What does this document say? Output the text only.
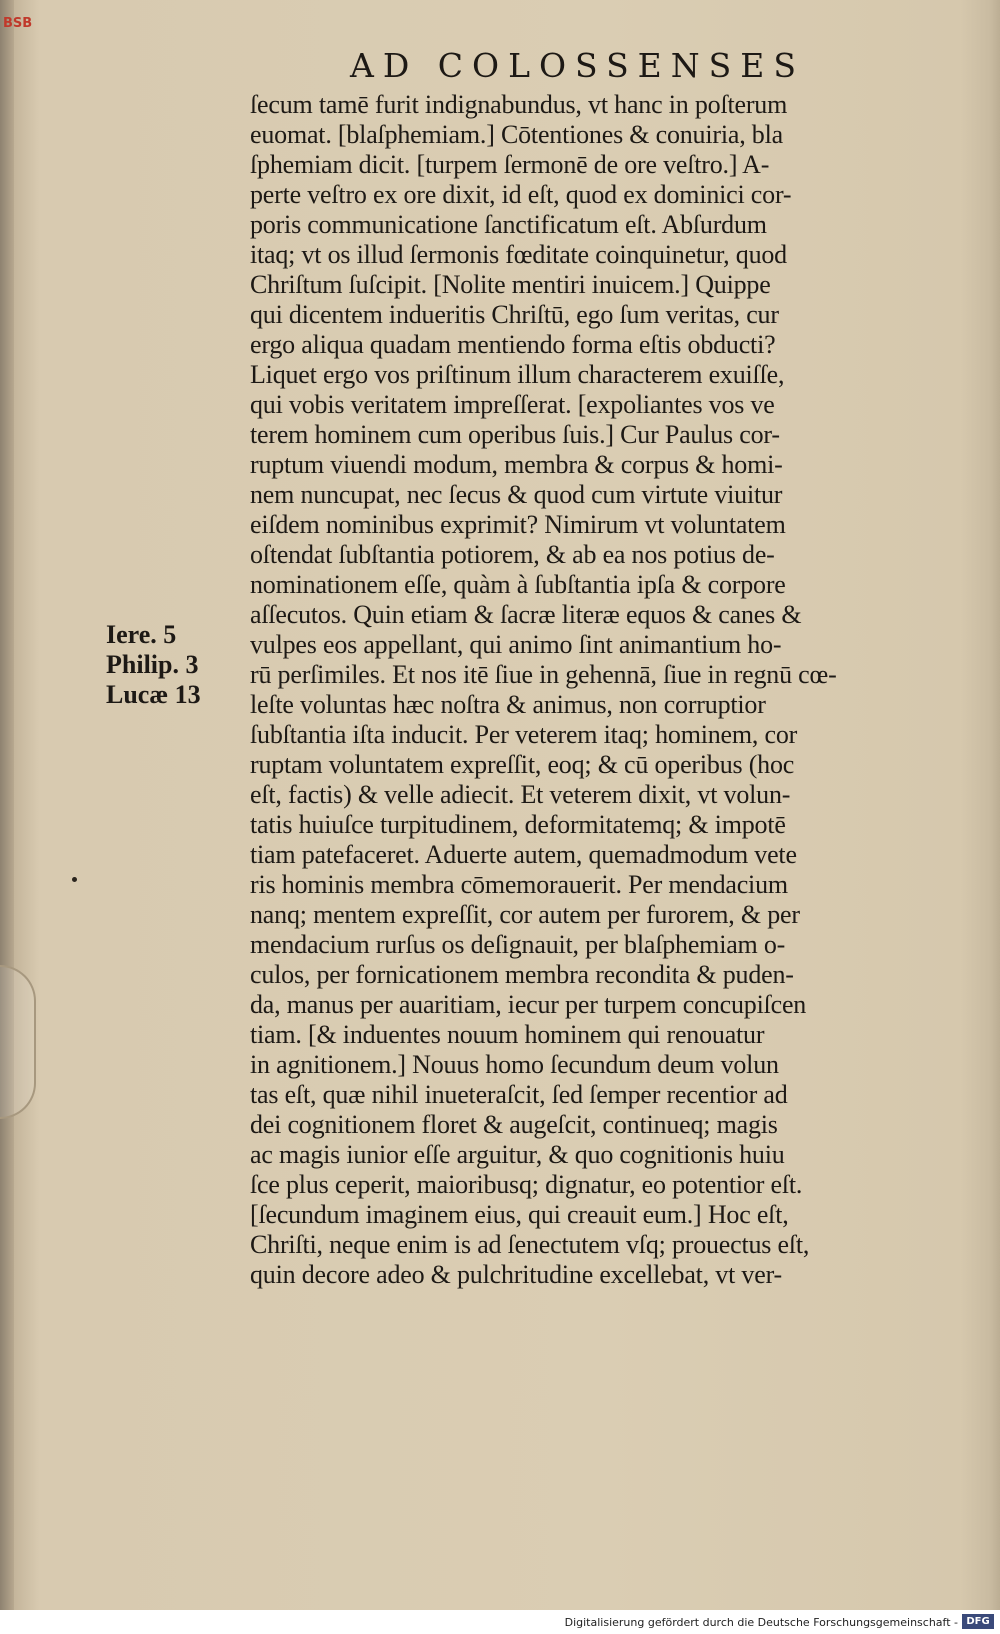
BSB
AD COLOSSENSES
Iere. 5
Philip. 3
Lucæ 13
ſecum tamē furit indignabundus, vt hanc in poſterum
euomat. [blaſphemiam.] Cōtentiones & conuiria, bla
ſphemiam dicit. [turpem ſermonē de ore veſtro.] A-
perte veſtro ex ore dixit, id eſt, quod ex dominici cor-
poris communicatione ſanctificatum eſt. Abſurdum
itaq; vt os illud ſermonis fœditate coinquinetur, quod
Chriſtum ſuſcipit. [Nolite mentiri inuicem.] Quippe
qui dicentem indueritis Chriſtū, ego ſum veritas, cur
ergo aliqua quadam mentiendo forma eſtis obducti?
Liquet ergo vos priſtinum illum characterem exuiſſe,
qui vobis veritatem impreſſerat. [expoliantes vos ve
terem hominem cum operibus ſuis.] Cur Paulus cor-
ruptum viuendi modum, membra & corpus & homi-
nem nuncupat, nec ſecus & quod cum virtute viuitur
eiſdem nominibus exprimit? Nimirum vt voluntatem
oſtendat ſubſtantia potiorem, & ab ea nos potius de-
nominationem eſſe, quàm à ſubſtantia ipſa & corpore
aſſecutos. Quin etiam & ſacræ literæ equos & canes &
vulpes eos appellant, qui animo ſint animantium ho-
rū perſimiles. Et nos itē ſiue in gehennā, ſiue in regnū cœ-
leſte voluntas hæc noſtra & animus, non corruptior
ſubſtantia iſta inducit. Per veterem itaq; hominem, cor
ruptam voluntatem expreſſit, eoq; & cū operibus (hoc
eſt, factis) & velle adiecit. Et veterem dixit, vt volun-
tatis huiuſce turpitudinem, deformitatemq; & impotē
tiam patefaceret. Aduerte autem, quemadmodum vete
ris hominis membra cōmemorauerit. Per mendacium
nanq; mentem expreſſit, cor autem per furorem, & per
mendacium rurſus os deſignauit, per blaſphemiam o-
culos, per fornicationem membra recondita & puden-
da, manus per auaritiam, iecur per turpem concupiſcen
tiam. [& induentes nouum hominem qui renouatur
in agnitionem.] Nouus homo ſecundum deum volun
tas eſt, quæ nihil inueteraſcit, ſed ſemper recentior ad
dei cognitionem floret & augeſcit, continueq; magis
ac magis iunior eſſe arguitur, & quo cognitionis huiu
ſce plus ceperit, maioribusq; dignatur, eo potentior eſt.
[ſecundum imaginem eius, qui creauit eum.] Hoc eſt,
Chriſti, neque enim is ad ſenectutem vſq; prouectus eſt,
quin decore adeo & pulchritudine excellebat, vt ver-
Digitalisierung gefördert durch die Deutsche Forschungsgemeinschaft - DFG
